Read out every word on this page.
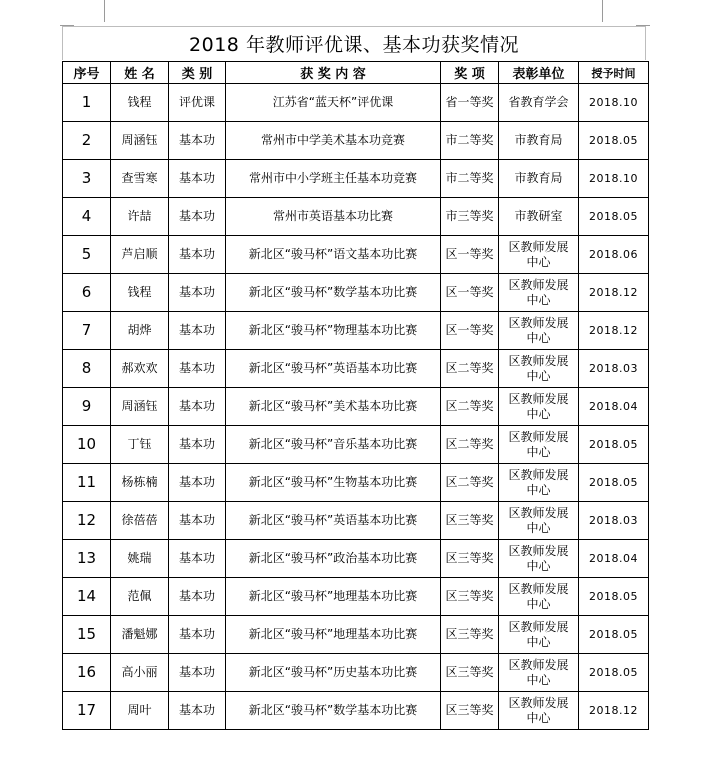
2018 年教师评优课、基本功获奖情况
序号	姓 名	类 别	获 奖 内 容	奖 项	表彰单位	授予时间
1	钱程	评优课	江苏省“蓝天杯”评优课	省一等奖	省教育学会	2018.10
2	周涵钰	基本功	常州市中学美术基本功竞赛	市二等奖	市教育局	2018.05
3	查雪寒	基本功	常州市中小学班主任基本功竞赛	市二等奖	市教育局	2018.10
4	许喆	基本功	常州市英语基本功比赛	市三等奖	市教研室	2018.05
5	芦启顺	基本功	新北区“骏马杯”语文基本功比赛	区一等奖	区教师发展中心	2018.06
6	钱程	基本功	新北区“骏马杯”数学基本功比赛	区一等奖	区教师发展中心	2018.12
7	胡烨	基本功	新北区“骏马杯”物理基本功比赛	区一等奖	区教师发展中心	2018.12
8	郝欢欢	基本功	新北区“骏马杯”英语基本功比赛	区二等奖	区教师发展中心	2018.03
9	周涵钰	基本功	新北区“骏马杯”美术基本功比赛	区二等奖	区教师发展中心	2018.04
10	丁钰	基本功	新北区“骏马杯”音乐基本功比赛	区二等奖	区教师发展中心	2018.05
11	杨栋楠	基本功	新北区“骏马杯”生物基本功比赛	区二等奖	区教师发展中心	2018.05
12	徐蓓蓓	基本功	新北区“骏马杯”英语基本功比赛	区三等奖	区教师发展中心	2018.03
13	姚瑞	基本功	新北区“骏马杯”政治基本功比赛	区三等奖	区教师发展中心	2018.04
14	范佩	基本功	新北区“骏马杯”地理基本功比赛	区三等奖	区教师发展中心	2018.05
15	潘魁娜	基本功	新北区“骏马杯”地理基本功比赛	区三等奖	区教师发展中心	2018.05
16	高小丽	基本功	新北区“骏马杯”历史基本功比赛	区三等奖	区教师发展中心	2018.05
17	周叶	基本功	新北区“骏马杯”数学基本功比赛	区三等奖	区教师发展中心	2018.12
